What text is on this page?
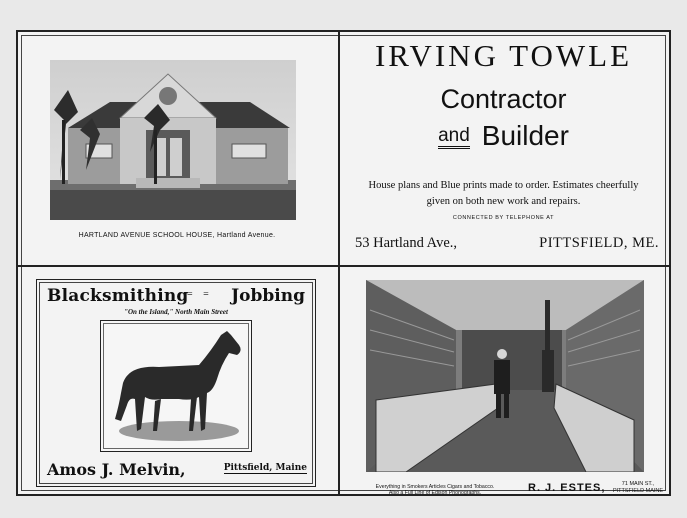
HARTLAND AVENUE SCHOOL HOUSE, Hartland Avenue.
IRVING TOWLE
Contractor
and Builder
House plans and Blue prints made to order. Estimates cheerfully given on both new work and repairs.
CONNECTED BY TELEPHONE AT
53 Hartland Ave.,	PITTSFIELD, ME.
Blacksmithing
= = Jobbing
"On the Island," North Main Street
Amos J. Melvin,	Pittsfield, Maine
Everything in Smokers Articles Cigars and Tobacco.
Also a Full Line of Edison Phonographs.	R. J. ESTES,	71 MAIN ST.,
PITTSFIELD MAINE
